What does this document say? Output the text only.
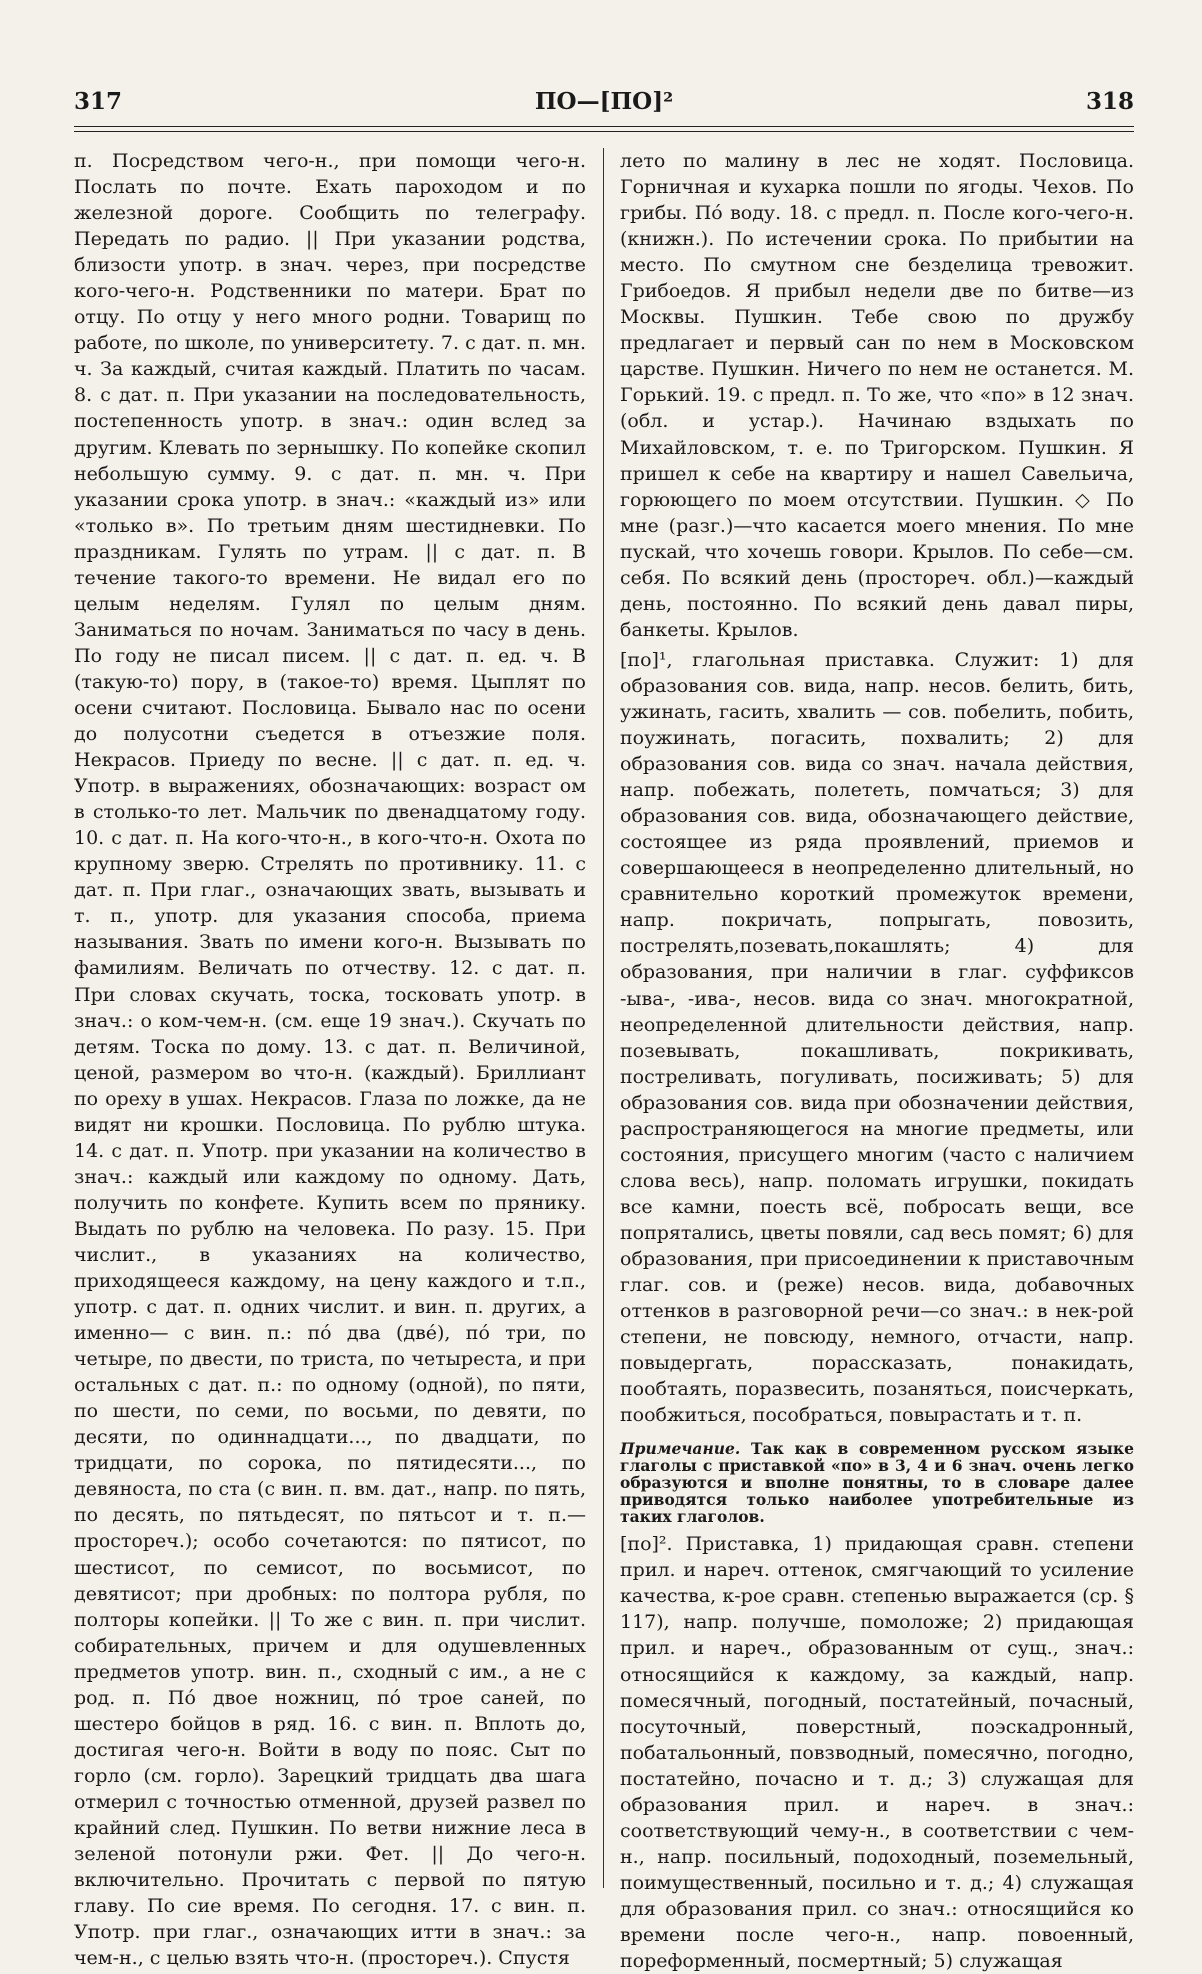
317	ПО—[ПО]²	318

п. Посредством чего-н., при помощи чего-н. Послать по почте. Ехать пароходом и по железной дороге. Сообщить по телеграфу. Передать по радио. || При указании родства, близости употр. в знач. через, при посредстве кого-чего-н. Родственники по матери. Брат по отцу. По отцу у него много родни. Товарищ по работе, по школе, по университету. 7. с дат. п. мн. ч. За каждый, считая каждый. Платить по часам. 8. с дат. п. При указании на последовательность, постепенность употр. в знач.: один вслед за другим. Клевать по зернышку. По копейке скопил небольшую сумму. 9. с дат. п. мн. ч. При указании срока употр. в знач.: «каждый из» или «только в». По третьим дням шестидневки. По праздникам. Гулять по утрам. || с дат. п. В течение такого-то времени. Не видал его по целым неделям. Гулял по целым дням. Заниматься по ночам. Заниматься по часу в день. По году не писал писем. || с дат. п. ед. ч. В (такую-то) пору, в (такое-то) время. Цыплят по осени считают. Пословица. Бывало нас по осени до полусотни съедется в отъезжие поля. Некрасов. Приеду по весне. || с дат. п. ед. ч. Употр. в выражениях, обозначающих: возраст ом в столько-то лет. Мальчик по двенадцатому году. 10. с дат. п. На кого-что-н., в кого-что-н. Охота по крупному зверю. Стрелять по противнику. 11. с дат. п. При глаг., означающих звать, вызывать и т. п., употр. для указания способа, приема называния. Звать по имени кого-н. Вызывать по фамилиям. Величать по отчеству. 12. с дат. п. При словах скучать, тоска, тосковать употр. в знач.: о ком-чем-н. (см. еще 19 знач.). Скучать по детям. Тоска по дому. 13. с дат. п. Величиной, ценой, размером во что-н. (каждый). Бриллиант по ореху в ушах. Некрасов. Глаза по ложке, да не видят ни крошки. Пословица. По рублю штука. 14. с дат. п. Употр. при указании на количество в знач.: каждый или каждому по одному. Дать, получить по конфете. Купить всем по прянику. Выдать по рублю на человека. По разу. 15. При числит., в указаниях на количество, приходящееся каждому, на цену каждого и т.п., употр. с дат. п. одних числит. и вин. п. других, а именно— с вин. п.: пó два (двé), пó три, по четыре, по двести, по триста, по четыреста, и при остальных с дат. п.: по одному (одной), по пяти, по шести, по семи, по восьми, по девяти, по десяти, по одиннадцати..., по двадцати, по тридцати, по сорока, по пятидесяти..., по девяноста, по ста (с вин. п. вм. дат., напр. по пять, по десять, по пятьдесят, по пятьсот и т. п.—простореч.); особо сочетаются: по пятисот, по шестисот, по семисот, по восьмисот, по девятисот; при дробных: по полтора рубля, по полторы копейки. || То же с вин. п. при числит. собирательных, причем и для одушевленных предметов употр. вин. п., сходный с им., а не с род. п. Пó двое ножниц, пó трое саней, по шестеро бойцов в ряд. 16. с вин. п. Вплоть до, достигая чего-н. Войти в воду по пояс. Сыт по горло (см. горло). Зарецкий тридцать два шага отмерил с точностью отменной, друзей развел по крайний след. Пушкин. По ветви нижние леса в зеленой потонули ржи. Фет. || До чего-н. включительно. Прочитать с первой по пятую главу. По сие время. По сегодня. 17. с вин. п. Употр. при глаг., означающих итти в знач.: за чем-н., с целью взять что-н. (простореч.). Спустя

лето по малину в лес не ходят. Пословица. Горничная и кухарка пошли по ягоды. Чехов. По грибы. Пó воду. 18. с предл. п. После кого-чего-н. (книжн.). По истечении срока. По прибытии на место. По смутном сне безделица тревожит. Грибоедов. Я прибыл недели две по битве—из Москвы. Пушкин. Тебе свою по дружбу предлагает и первый сан по нем в Московском царстве. Пушкин. Ничего по нем не останется. М. Горький. 19. с предл. п. То же, что «по» в 12 знач. (обл. и устар.). Начинаю вздыхать по Михайловском, т. е. по Тригорском. Пушкин. Я пришел к себе на квартиру и нашел Савельича, горюющего по моем отсутствии. Пушкин. ◇ По мне (разг.)—что касается моего мнения. По мне пускай, что хочешь говори. Крылов. По себе—см. себя. По всякий день (простореч. обл.)—каждый день, постоянно. По всякий день давал пиры, банкеты. Крылов.

[по]¹, глагольная приставка. Служит: 1) для образования сов. вида, напр. несов. белить, бить, ужинать, гасить, хвалить — сов. побелить, побить, поужинать, погасить, похвалить; 2) для образования сов. вида со знач. начала действия, напр. побежать, полететь, помчаться; 3) для образования сов. вида, обозначающего действие, состоящее из ряда проявлений, приемов и совершающееся в неопределенно длительный, но сравнительно короткий промежуток времени, напр. покричать, попрыгать, повозить, пострелять,позевать,покашлять; 4) для образования, при наличии в глаг. суффиксов -ыва-, -ива-, несов. вида со знач. многократной, неопределенной длительности действия, напр. позевывать, покашливать, покрикивать, постреливать, погуливать, посиживать; 5) для образования сов. вида при обозначении действия, распространяющегося на многие предметы, или состояния, присущего многим (часто с наличием слова весь), напр. поломать игрушки, покидать все камни, поесть всё, побросать вещи, все попрятались, цветы повяли, сад весь помят; 6) для образования, при присоединении к приставочным глаг. сов. и (реже) несов. вида, добавочных оттенков в разговорной речи—со знач.: в нек-рой степени, не повсюду, немного, отчасти, напр. повыдергать, порассказать, понакидать, пообтаять, поразвесить, позаняться, поисчеркать, пообжиться, пособраться, повырастать и т. п.

Примечание. Так как в современном русском языке глаголы с приставкой «по» в 3, 4 и 6 знач. очень легко образуются и вполне понятны, то в словаре далее приводятся только наиболее употребительные из таких глаголов.

[по]². Приставка, 1) придающая сравн. степени прил. и нареч. оттенок, смягчающий то усиление качества, к-рое сравн. степенью выражается (ср. § 117), напр. получше, помоложе; 2) придающая прил. и нареч., образованным от сущ., знач.: относящийся к каждому, за каждый, напр. помесячный, погодный, постатейный, почасный, посуточный, поверстный, поэскадронный, побатальонный, повзводный, помесячно, погодно, постатейно, почасно и т. д.; 3) служащая для образования прил. и нареч. в знач.: соответствующий чему-н., в соответствии с чем-н., напр. посильный, подоходный, поземельный, поимущественный, посильно и т. д.; 4) служащая для образования прил. со знач.: относящийся ко времени после чего-н., напр. повоенный, пореформенный, посмертный; 5) служащая
